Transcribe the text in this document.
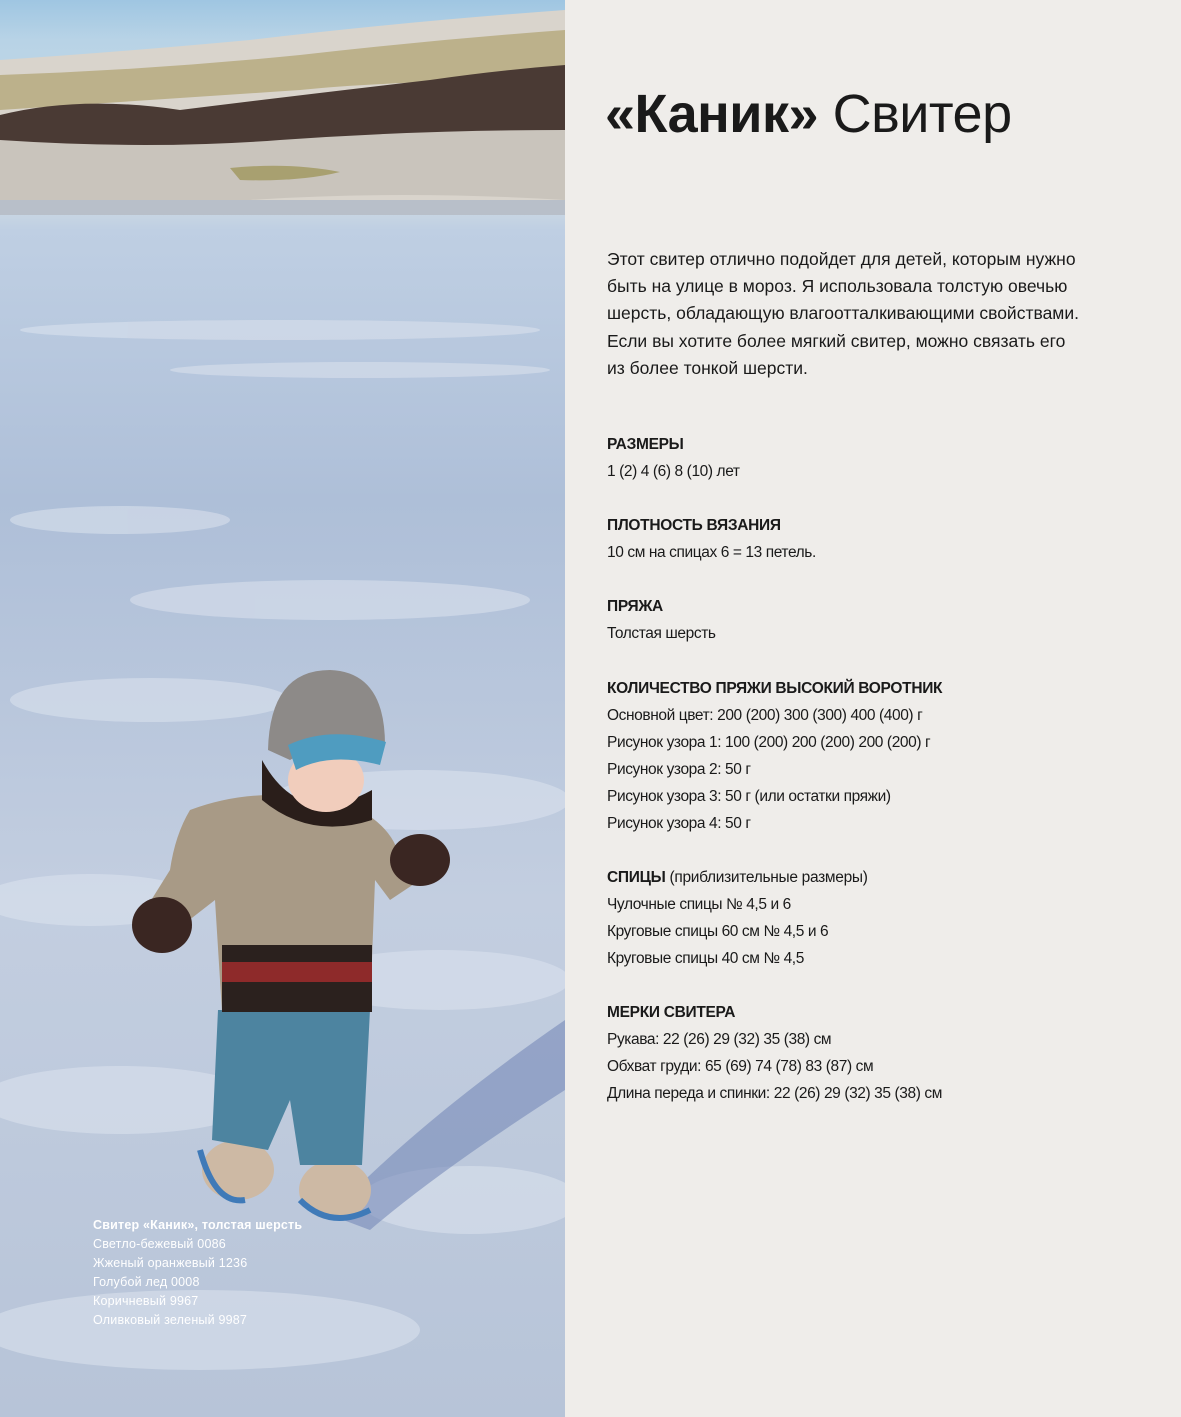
Свитер «Каник», толстая шерсть
Светло-бежевый 0086
Жженый оранжевый 1236
Голубой лед 0008
Коричневый 9967
Оливковый зеленый 9987
«Каник» Свитер

Этот свитер отлично подойдет для детей, которым нужно быть на улице в мороз. Я использовала толстую овечью шерсть, обладающую влагоотталкивающими свойствами. Если вы хотите более мягкий свитер, можно связать его из более тонкой шерсти.

РАЗМЕРЫ
1 (2) 4 (6) 8 (10) лет
ПЛОТНОСТЬ ВЯЗАНИЯ
10 см на спицах 6 = 13 петель.
ПРЯЖА
Толстая шерсть
КОЛИЧЕСТВО ПРЯЖИ ВЫСОКИЙ ВОРОТНИК
Основной цвет: 200 (200) 300 (300) 400 (400) г
Рисунок узора 1: 100 (200) 200 (200) 200 (200) г
Рисунок узора 2: 50 г
Рисунок узора 3: 50 г (или остатки пряжи)
Рисунок узора 4: 50 г
СПИЦЫ (приблизительные размеры)
Чулочные спицы № 4,5 и 6
Круговые спицы 60 см № 4,5 и 6
Круговые спицы 40 см № 4,5
МЕРКИ СВИТЕРА
Рукава: 22 (26) 29 (32) 35 (38) см
Обхват груди: 65 (69) 74 (78) 83 (87) см
Длина переда и спинки: 22 (26) 29 (32) 35 (38) см
